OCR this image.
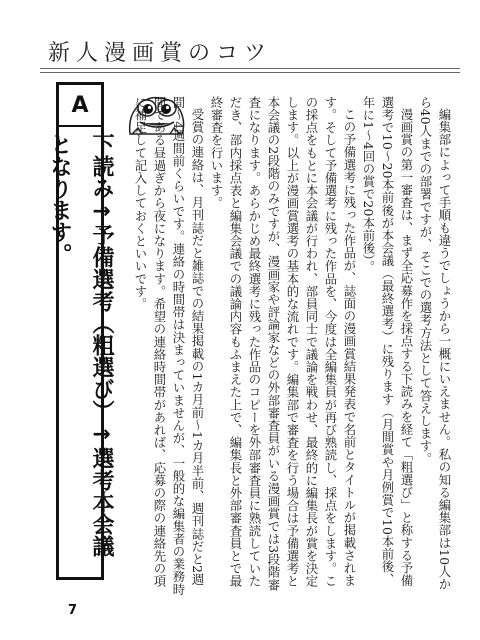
新人漫画賞のコツ
A
下読み→予備選考（粗選び）→選考本会議となります。	編集部によって手順も違うでしょうから一概にいえません。私の知る編集部は10人から40人までの部署ですが、そこでの選考方法として答えします。

漫画賞の第一審査は、まず全応募作を採点する下読みを経て「粗選び」と称する予備選考で10〜20本前後が本会議（最終選考）に残ります（月間賞や月例賞で10本前後、年に1〜4回の賞で20本前後）。

この予備選考に残った作品が、誌面の漫画賞結果発表で名前とタイトルが掲載されます。そして予備選考に残った作品を、今度は全編集員が再び熟読し、採点をします。この採点をもとに本会議が行われ、部員同士で議論を戦わせ、最終的に編集長が賞を決定します。以上が漫画賞選考の基本的な流れです。編集部で審査を行う場合は予備選考と本会議の2段階のみですが、漫画家や評論家などの外部審査員がいる漫画賞では3段階審査になります。あらかじめ最終選考に残った作品のコピーを外部審査員に熟読していただき、部内採点表と編集会議での議論内容もふまえた上で、編集長と外部審査員とで最終審査を行います。

受賞の連絡は、月刊誌だと雑誌での結果掲載の1カ月前〜1カ月半前、週刊誌だと2週間〜4週間前くらいです。連絡の時間帯は決まっていませんが、一般的な編集者の業務時間である昼過ぎから夜になります。希望の連絡時間帯があれば、応募の際の連絡先の項に補足して記入しておくといいです。

7
